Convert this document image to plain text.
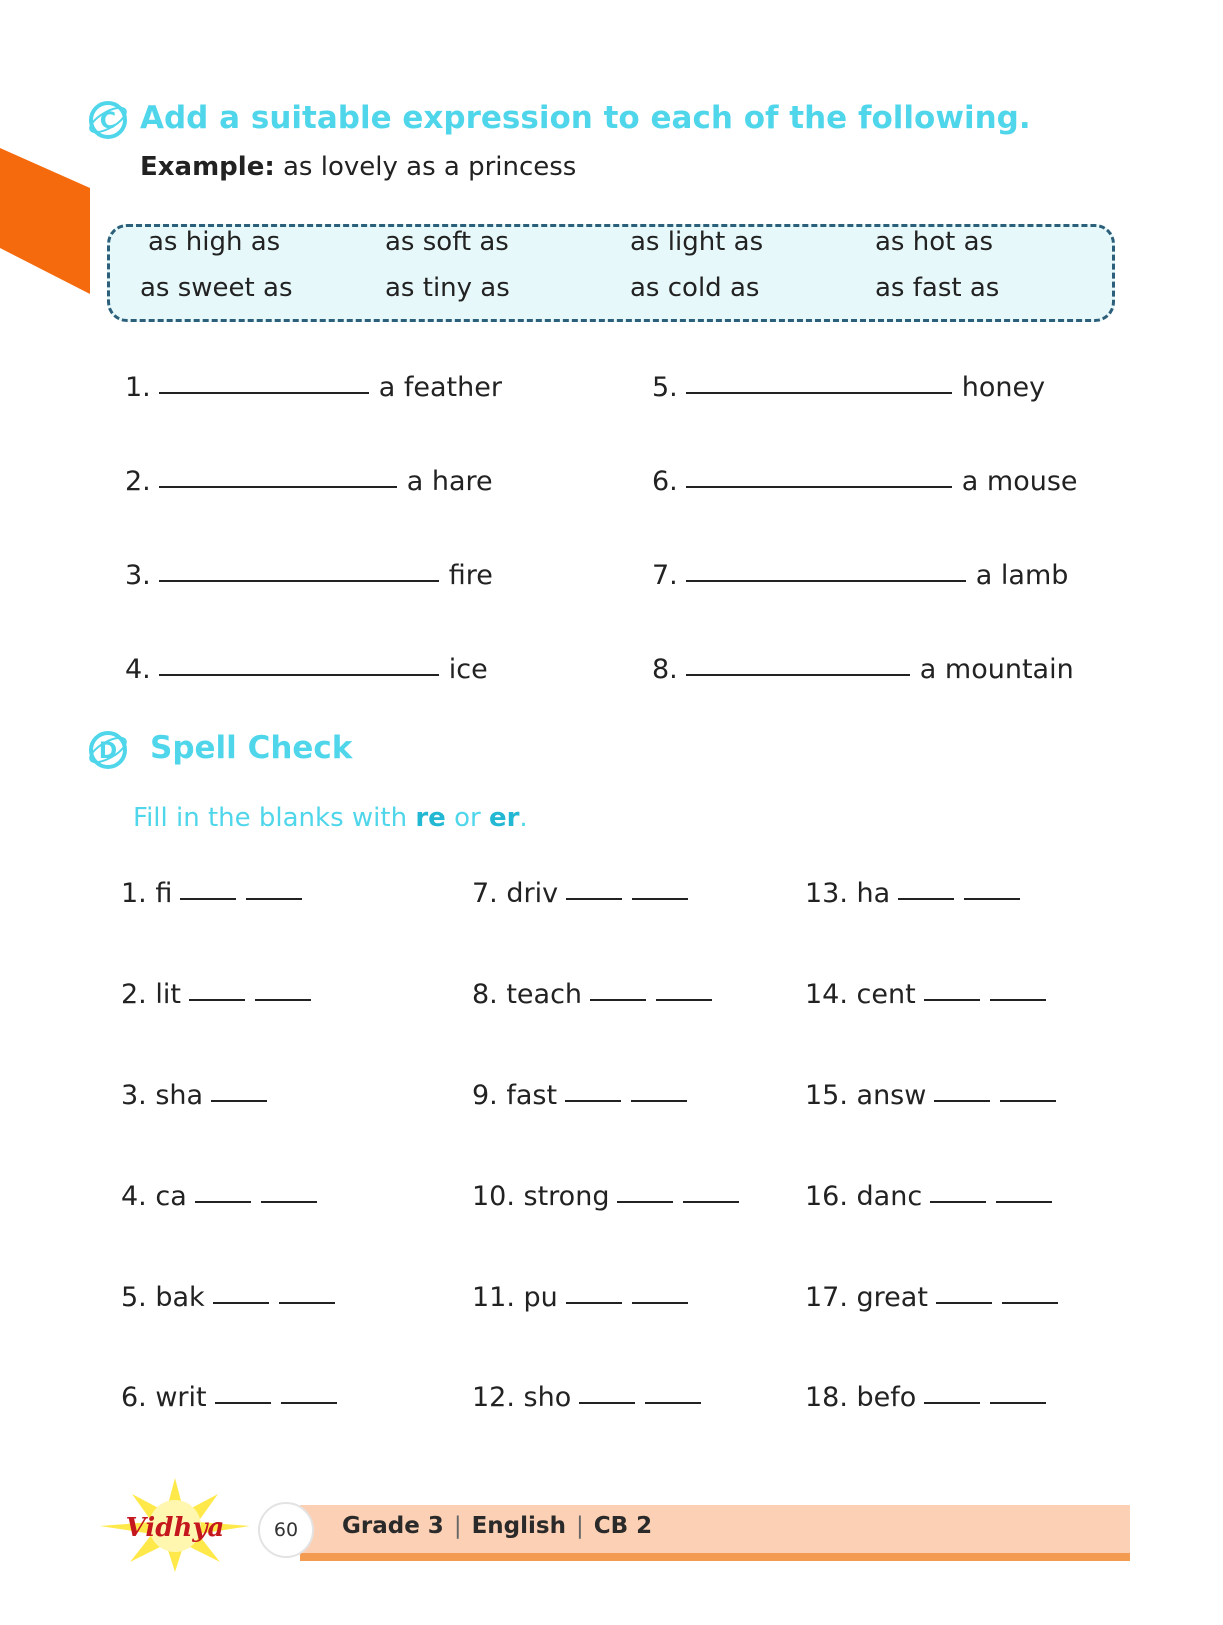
C Add a suitable expression to each of the following.
Example: as lovely as a princess
as high as	as soft as	as light as	as hot as
as sweet as	as tiny as	as cold as	as fast as
1.	a feather
2.	a hare
3.	fire
4.	ice
5.	honey
6.	a mouse
7.	a lamb
8.	a mountain
D Spell Check
Fill in the blanks with re or er.
1. fi
2. lit
3. sha
4. ca
5. bak
6. writ
7. driv
8. teach
9. fast
10. strong
11. pu
12. sho
13. ha
14. cent
15. answ
16. danc
17. great
18. befo
Grade 3 | English | CB 2
Vidhya	60
